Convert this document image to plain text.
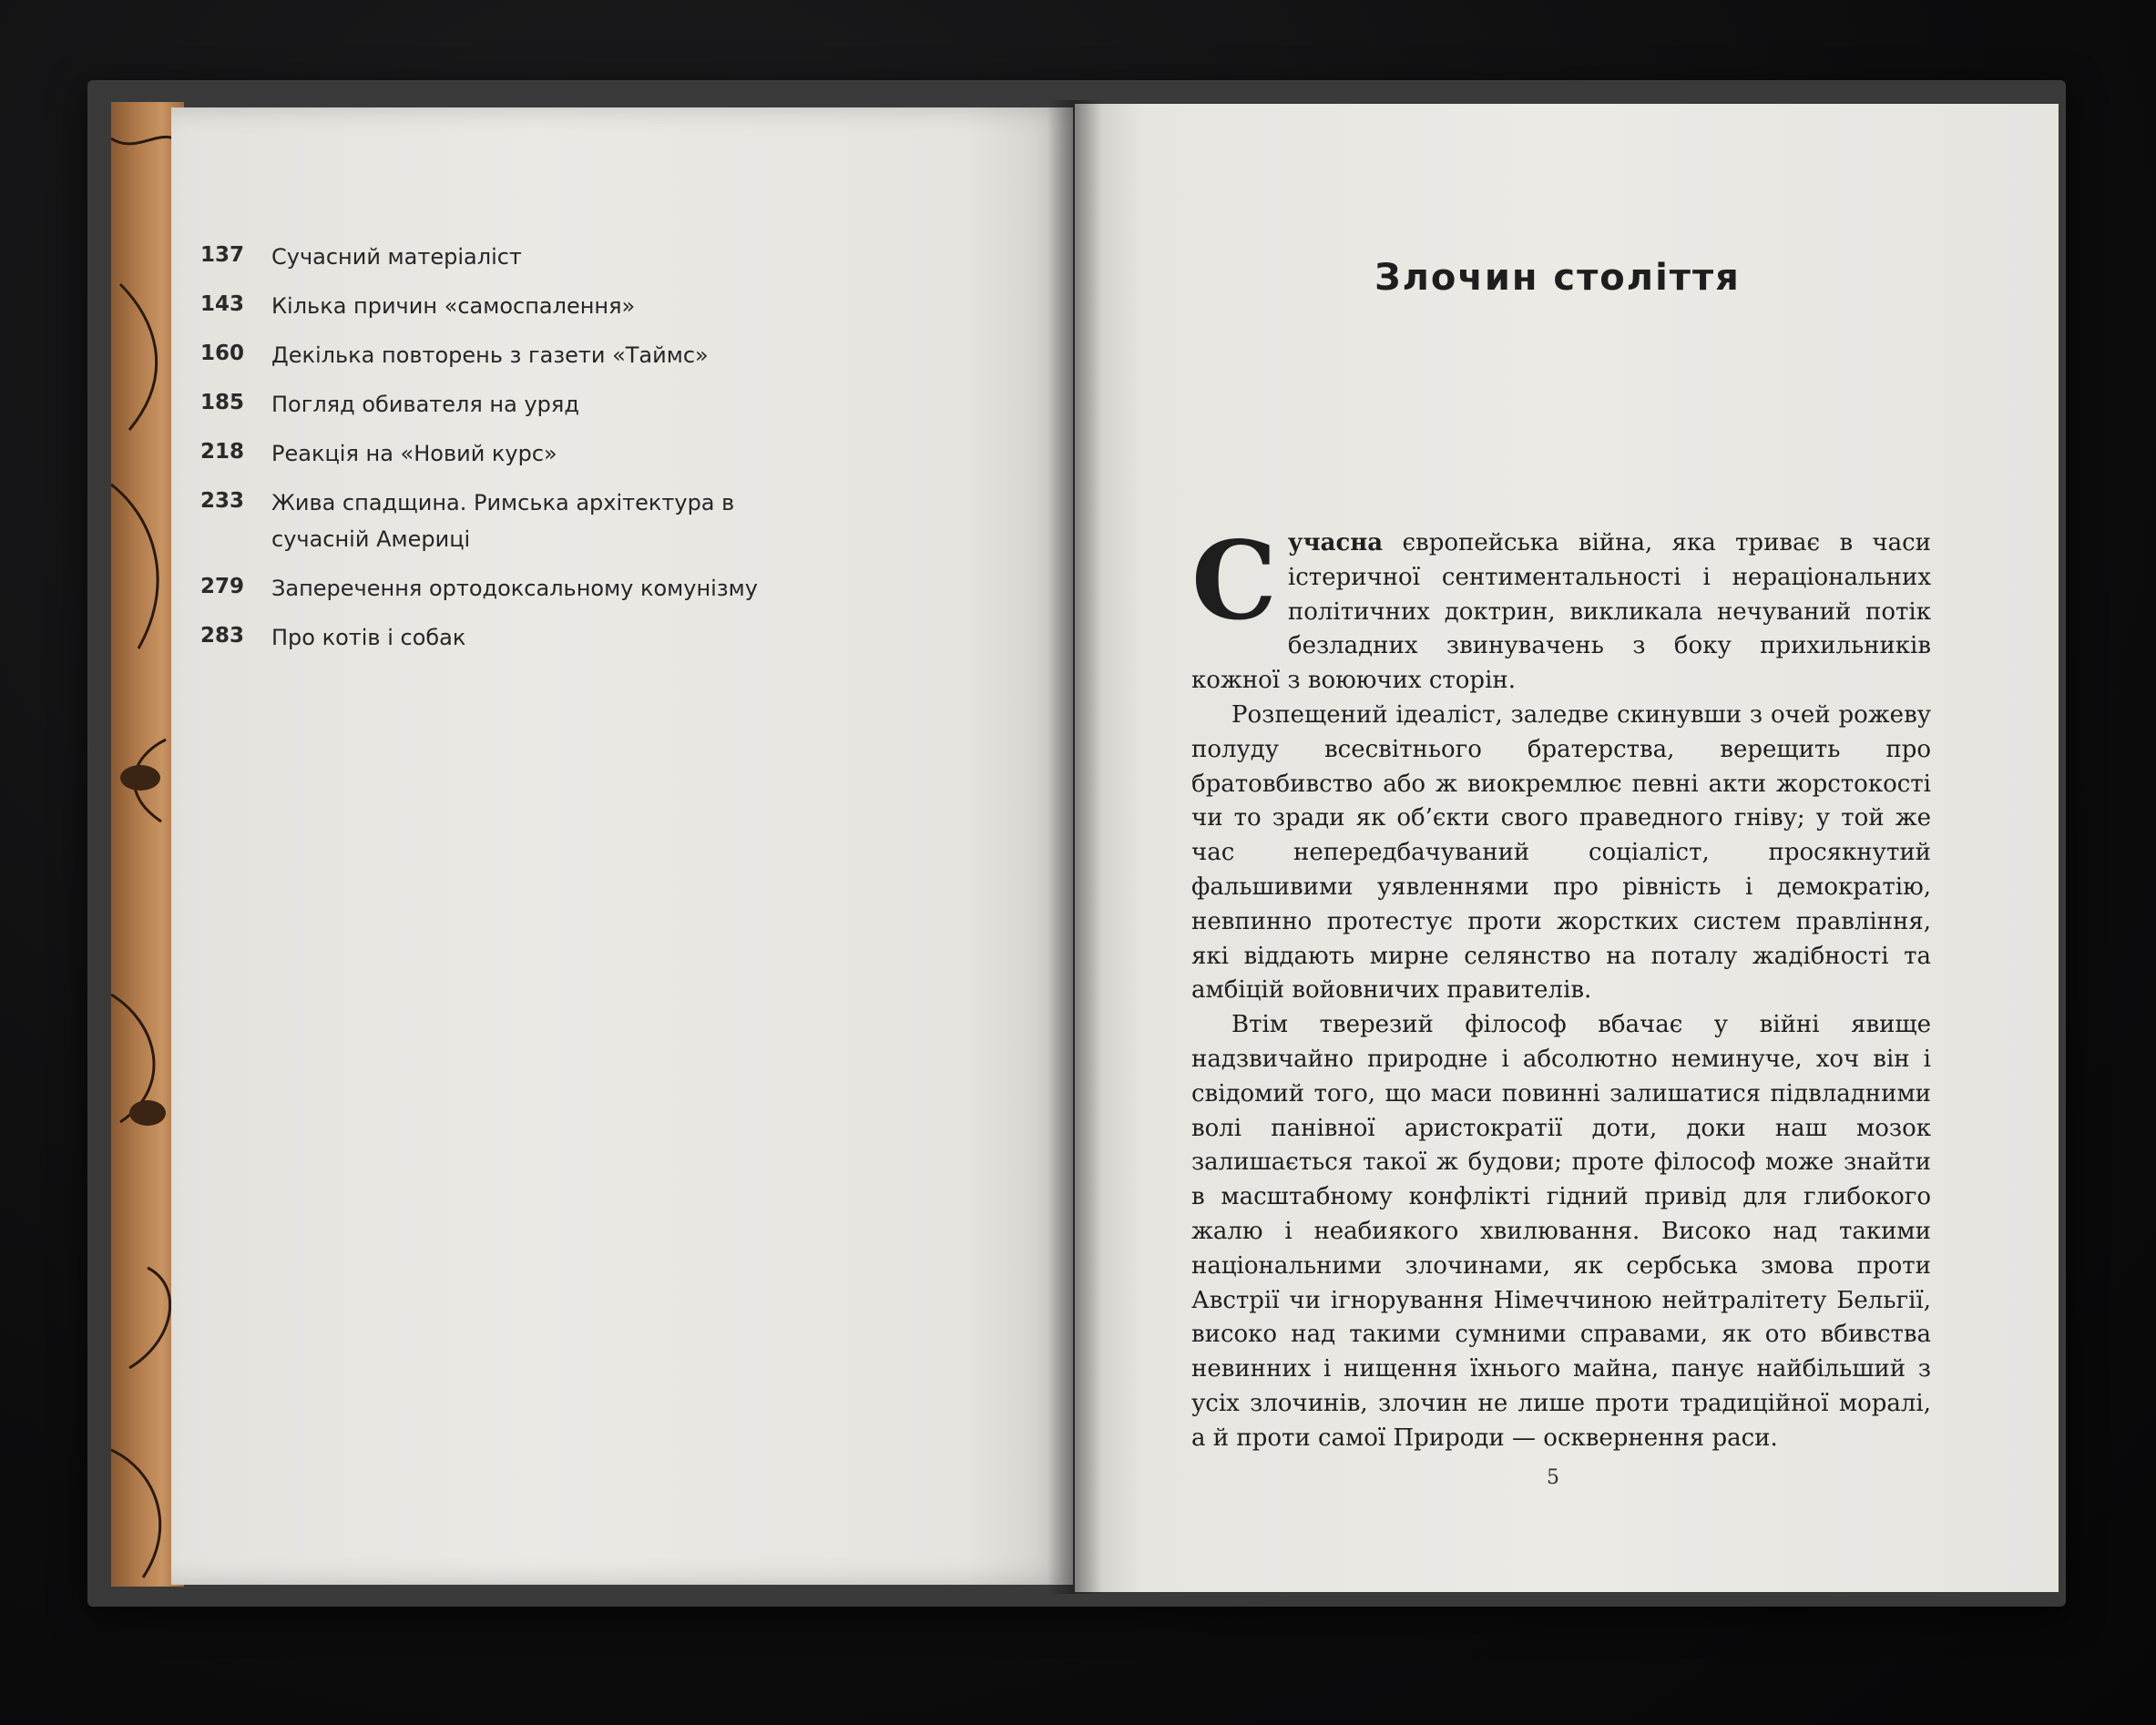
137	Сучасний матеріаліст
143	Кілька причин «самоспалення»
160	Декілька повторень з газети «Таймс»
185	Погляд обивателя на уряд
218	Реакція на «Новий курс»
233	Жива спадщина. Римська архітектура в сучасній Америці
279	Заперечення ортодоксальному комунізму
283	Про котів і собак
Злочин століття

Сучасна європейська війна, яка триває в часи істеричної сентиментальності і нераціональних політичних доктрин, викликала нечуваний потік безладних звинувачень з боку прихильників кожної з воюючих сторін.

Розпещений ідеаліст, заледве скинувши з очей рожеву полуду всесвітнього братерства, верещить про братовбивство або ж виокремлює певні акти жорстокості чи то зради як об’єкти свого праведного гніву; у той же час непередбачуваний соціаліст, просякнутий фальшивими уявленнями про рівність і демократію, невпинно протестує проти жорстких систем правління, які віддають мирне селянство на поталу жадібності та амбіцій войовничих правителів.

Втім тверезий філософ вбачає у війні явище надзвичайно природне і абсолютно неминуче, хоч він і свідомий того, що маси повинні залишатися підвладними волі панівної аристократії доти, доки наш мозок залишається такої ж будови; проте філософ може знайти в масштабному конфлікті гідний привід для глибокого жалю і неабиякого хвилювання. Високо над такими національними злочинами, як сербська змова проти Австрії чи ігнорування Німеччиною нейтралітету Бельгії, високо над такими сумними справами, як ото вбивства невинних і нищення їхнього майна, панує найбільший з усіх злочинів, злочин не лише проти традиційної моралі, а й проти самої Природи — осквернення раси.

5
